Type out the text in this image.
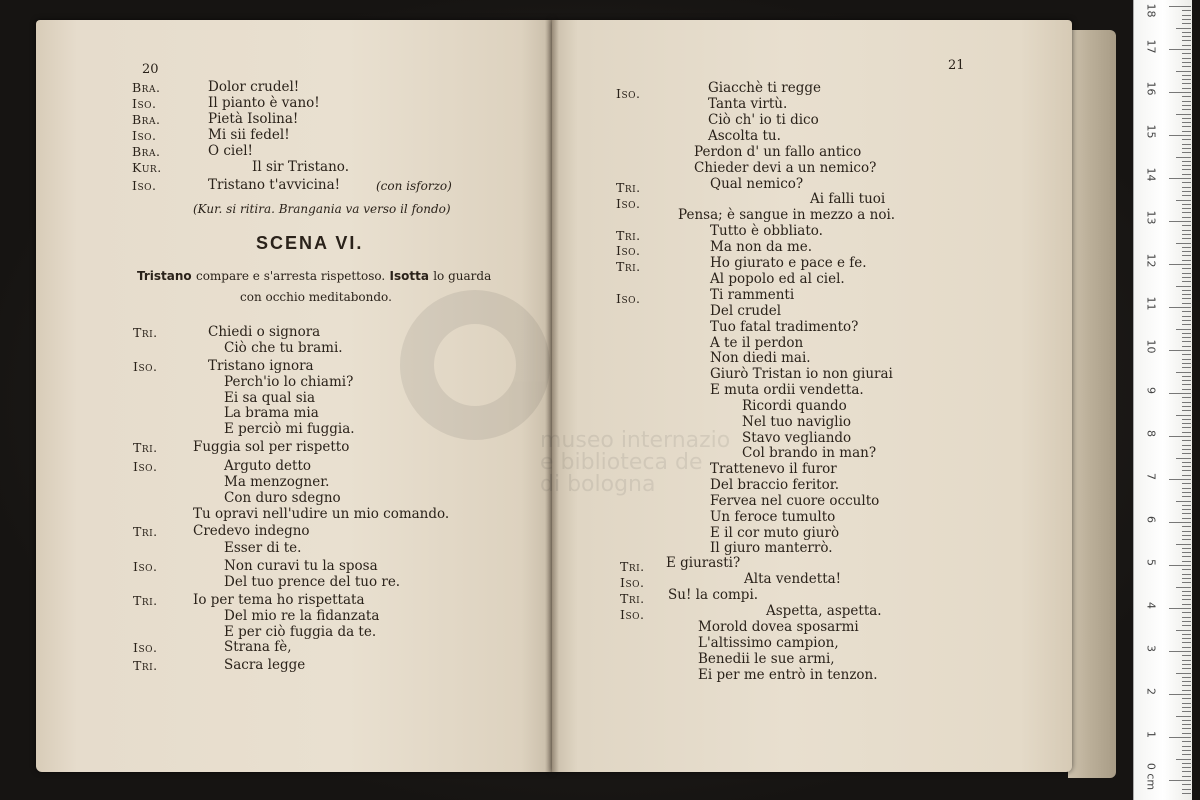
20
Bra.	Dolor crudel!
Iso.	Il pianto è vano!
Bra.	Pietà Isolina!
Iso.	Mi sii fedel!
Bra.	O ciel!
Kur.	Il sir Tristano.
Iso.	Tristano t'avvicina!	(con isforzo)
(Kur. si ritira. Brangania va verso il fondo)
SCENA VI.
Tristano compare e s'arresta rispettoso. Isotta lo guarda
con occhio meditabondo.
Tri.	Chiedi o signora
Ciò che tu brami.
Iso.	Tristano ignora
Perch'io lo chiami?
Ei sa qual sia
La brama mia
E perciò mi fuggia.
Tri.	Fuggia sol per rispetto
Iso.	Arguto detto
Ma menzogner.
Con duro sdegno
Tu opravi nell'udire un mio comando.
Tri.	Credevo indegno
Esser di te.
Iso.	Non curavi tu la sposa
Del tuo prence del tuo re.
Tri.	Io per tema ho rispettata
Del mio re la fidanzata
E per ciò fuggia da te.
Iso.	Strana fè,
Tri.	Sacra legge
21
Iso.	Giacchè ti regge
Tanta virtù.
Ciò ch' io ti dico
Ascolta tu.
Perdon d' un fallo antico
Chieder devi a un nemico?
Tri.	Qual nemico?
Iso.	Ai falli tuoi
Pensa; è sangue in mezzo a noi.
Tri.	Tutto è obbliato.
Iso.	Ma non da me.
Tri.	Ho giurato e pace e fe.
Al popolo ed al ciel.
Iso.	Ti rammenti
Del crudel
Tuo fatal tradimento?
A te il perdon
Non diedi mai.
Giurò Tristan io non giurai
E muta ordii vendetta.
Ricordi quando
Nel tuo naviglio
Stavo vegliando
Col brando in man?
Trattenevo il furor
Del braccio feritor.
Fervea nel cuore occulto
Un feroce tumulto
E il cor muto giurò
Il giuro manterrò.
Tri. E giurasti?
Iso.	Alta vendetta!
Tri. Su! la compi.
Iso.	Aspetta, aspetta.
Morold dovea sposarmi
L'altissimo campion,
Benedii le sue armi,
Ei per me entrò in tenzon.
18
17
16
15
14
13
12
11
10
9
8
7
6
5
4
3
2
1
0 cm
